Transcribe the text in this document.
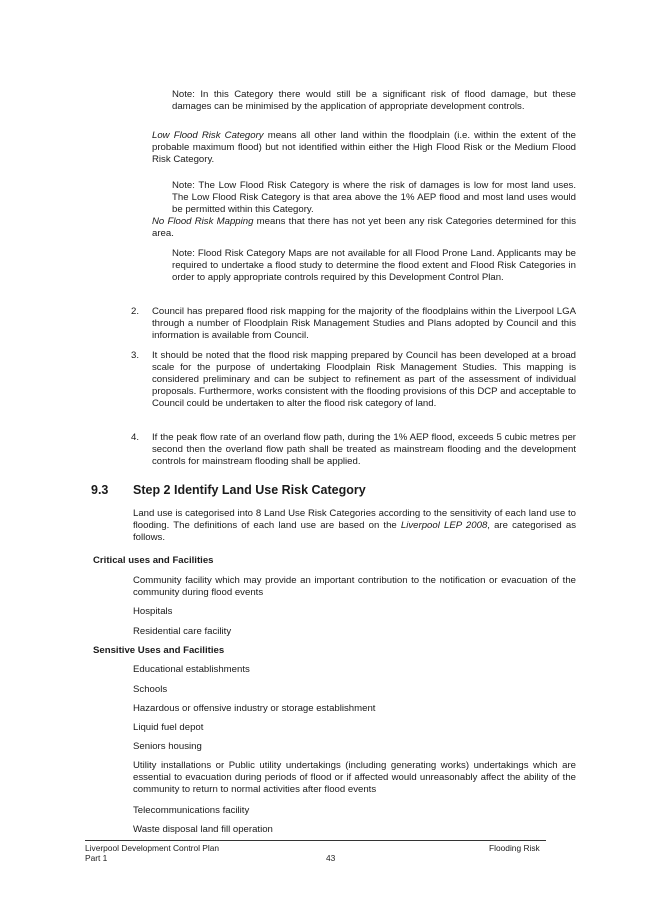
Note: In this Category there would still be a significant risk of flood damage, but these damages can be minimised by the application of appropriate development controls.

Low Flood Risk Category means all other land within the floodplain (i.e. within the extent of the probable maximum flood) but not identified within either the High Flood Risk or the Medium Flood Risk Category.

Note: The Low Flood Risk Category is where the risk of damages is low for most land uses. The Low Flood Risk Category is that area above the 1% AEP flood and most land uses would be permitted within this Category.

No Flood Risk Mapping means that there has not yet been any risk Categories determined for this area.

Note: Flood Risk Category Maps are not available for all Flood Prone Land. Applicants may be required to undertake a flood study to determine the flood extent and Flood Risk Categories in order to apply appropriate controls required by this Development Control Plan.

2. Council has prepared flood risk mapping for the majority of the floodplains within the Liverpool LGA through a number of Floodplain Risk Management Studies and Plans adopted by Council and this information is available from Council.

3. It should be noted that the flood risk mapping prepared by Council has been developed at a broad scale for the purpose of undertaking Floodplain Risk Management Studies. This mapping is considered preliminary and can be subject to refinement as part of the assessment of individual proposals. Furthermore, works consistent with the flooding provisions of this DCP and acceptable to Council could be undertaken to alter the flood risk category of land.

4. If the peak flow rate of an overland flow path, during the 1% AEP flood, exceeds 5 cubic metres per second then the overland flow path shall be treated as mainstream flooding and the development controls for mainstream flooding shall be applied.

9.3 Step 2 Identify Land Use Risk Category

Land use is categorised into 8 Land Use Risk Categories according to the sensitivity of each land use to flooding. The definitions of each land use are based on the Liverpool LEP 2008, are categorised as follows.

Critical uses and Facilities

Community facility which may provide an important contribution to the notification or evacuation of the community during flood events

Hospitals

Residential care facility

Sensitive Uses and Facilities

Educational establishments

Schools

Hazardous or offensive industry or storage establishment

Liquid fuel depot

Seniors housing

Utility installations or Public utility undertakings (including generating works) undertakings which are essential to evacuation during periods of flood or if affected would unreasonably affect the ability of the community to return to normal activities after flood events

Telecommunications facility

Waste disposal land fill operation

Liverpool Development Control Plan
Part 1	43
Flooding Risk
